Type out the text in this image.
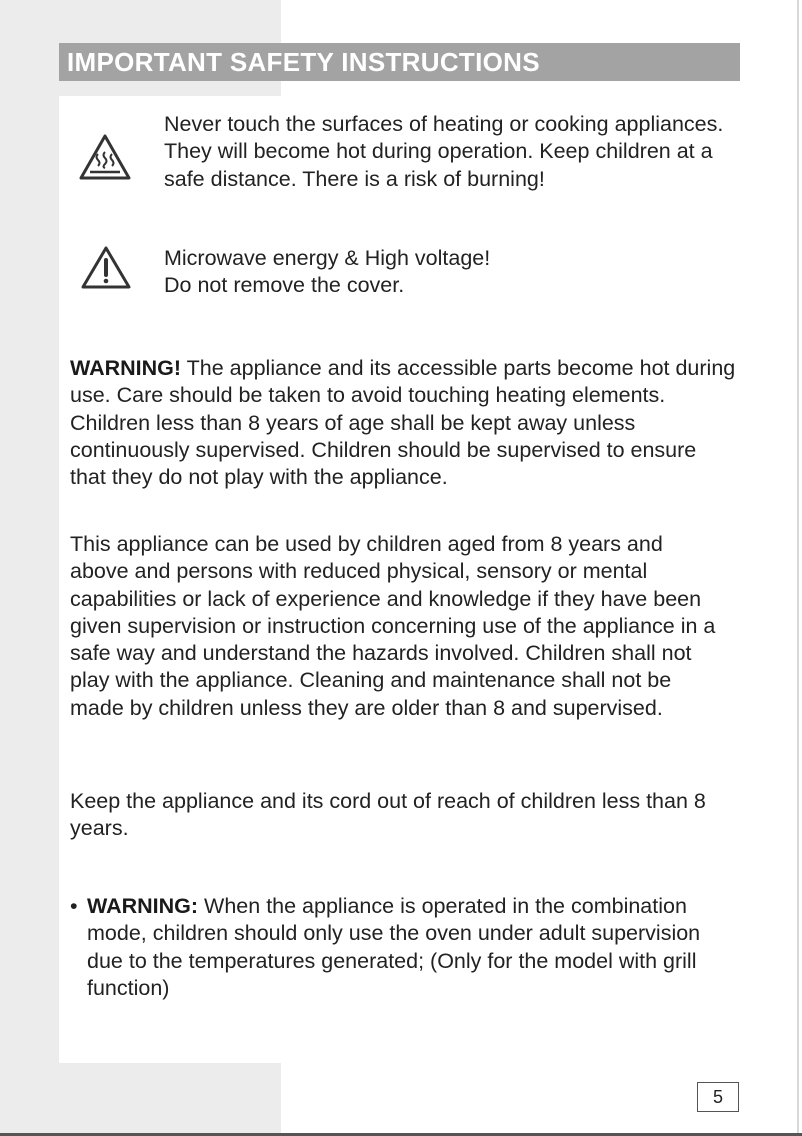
IMPORTANT SAFETY INSTRUCTIONS

Never touch the surfaces of heating or cooking appliances. They will become hot during operation. Keep children at a safe distance. There is a risk of burning!

Microwave energy & High voltage!
Do not remove the cover.

WARNING! The appliance and its accessible parts become hot during use. Care should be taken to avoid touching heating elements. Children less than 8 years of age shall be kept away unless continuously supervised. Children should be supervised to ensure that they do not play with the appliance.

This appliance can be used by children aged from 8 years and above and persons with reduced physical, sensory or mental capabilities or lack of experience and knowledge if they have been given supervision or instruction concerning use of the appliance in a safe way and understand the hazards involved. Children shall not play with the appliance. Cleaning and maintenance shall not be made by children unless they are older than 8 and supervised.

Keep the appliance and its cord out of reach of children less than 8 years.

• WARNING: When the appliance is operated in the combination mode, children should only use the oven under adult supervision due to the temperatures generated; (Only for the model with grill function)

5
